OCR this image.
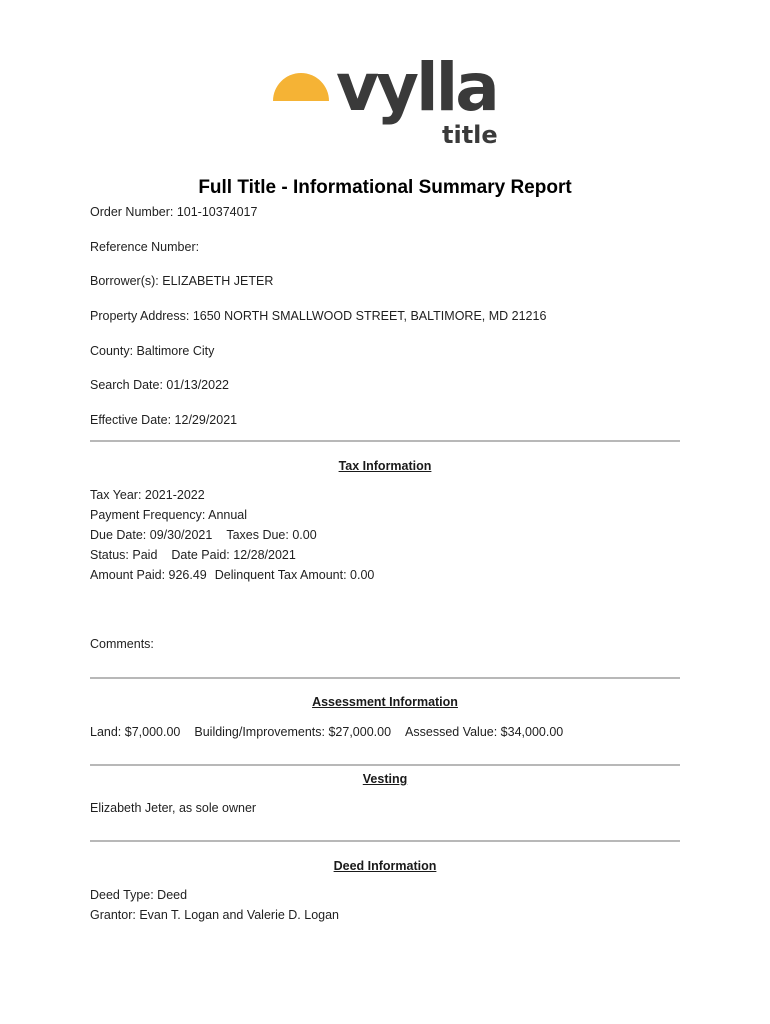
vylla
title
Full Title - Informational Summary Report
Order Number: 101-10374017
Reference Number:
Borrower(s): ELIZABETH JETER
Property Address: 1650 NORTH SMALLWOOD STREET, BALTIMORE, MD 21216
County: Baltimore City
Search Date: 01/13/2022
Effective Date: 12/29/2021
Tax Information
Tax Year: 2021-2022
Payment Frequency: Annual
Due Date: 09/30/2021 Taxes Due: 0.00
Status: Paid Date Paid: 12/28/2021
Amount Paid: 926.49 Delinquent Tax Amount: 0.00
Comments:
Assessment Information
Land: $7,000.00 Building/Improvements: $27,000.00 Assessed Value: $34,000.00
Vesting
Elizabeth Jeter, as sole owner
Deed Information
Deed Type: Deed
Grantor: Evan T. Logan and Valerie D. Logan
